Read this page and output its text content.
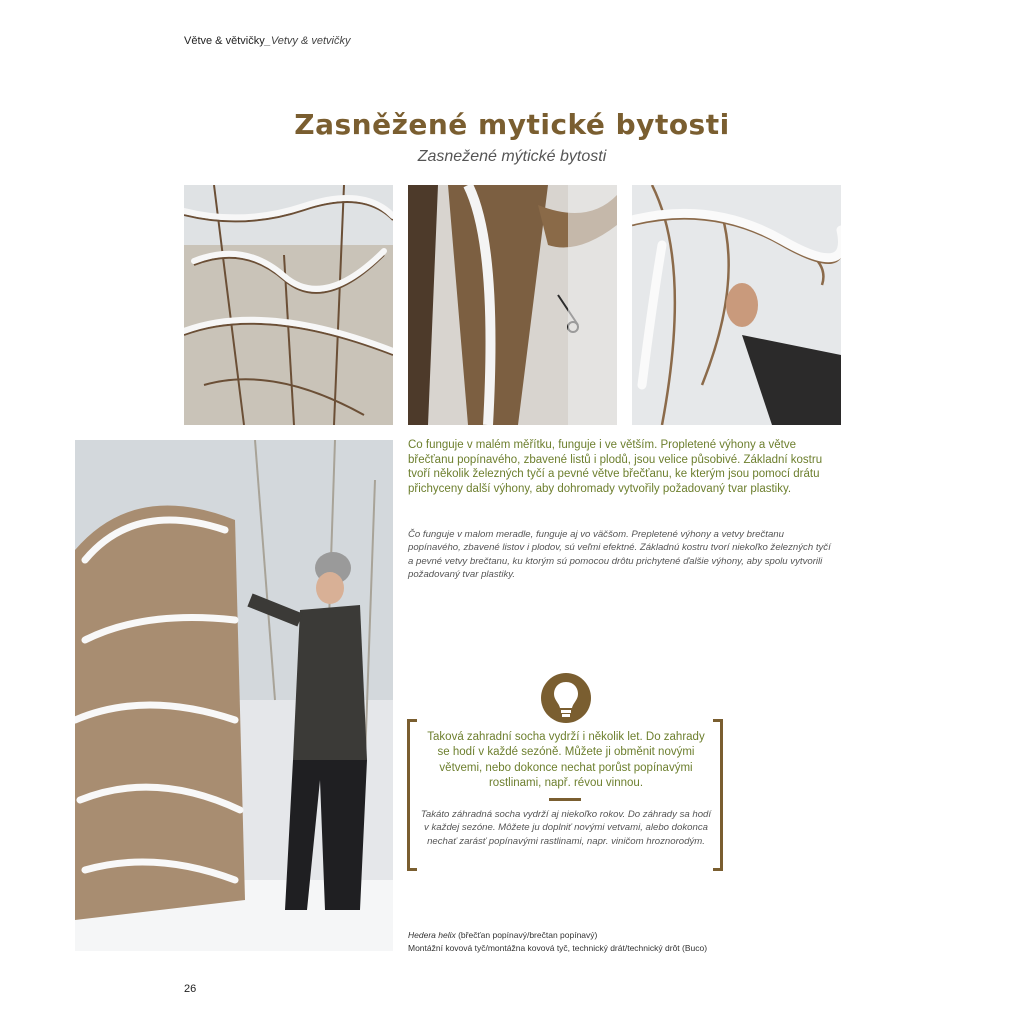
Větve & větvičky_Vetvy & vetvičky
Zasněžené mytické bytosti
Zasnežené mýtické bytosti
Co funguje v malém měřítku, funguje i ve větším. Propletené výhony a větve břečťanu popínavého, zbavené listů i plodů, jsou velice působivé. Základní kostru tvoří několik železných tyčí a pevné větve břečťanu, ke kterým jsou pomocí drátu přichyceny další výhony, aby dohromady vytvořily požadovaný tvar plastiky.
Čo funguje v malom meradle, funguje aj vo väčšom. Prepletené výhony a vetvy brečtanu popínavého, zbavené listov i plodov, sú veľmi efektné. Základnú kostru tvorí niekoľko železných tyčí a pevné vetvy brečtanu, ku ktorým sú pomocou drôtu prichytené ďalšie výhony, aby spolu vytvorili požadovaný tvar plastiky.
Taková zahradní socha vydrží i několik let. Do zahrady se hodí v každé sezóně. Můžete ji obměnit novými větvemi, nebo dokonce nechat porůst popínavými rostlinami, např. révou vinnou.
Takáto záhradná socha vydrží aj niekoľko rokov. Do záhrady sa hodí v každej sezóne. Môžete ju doplniť novými vetvami, alebo dokonca nechať zarásť popínavými rastlinami, napr. viničom hroznorodým.
Hedera helix (břečťan popínavý/brečtan popínavý)
Montážní kovová tyč/montážna kovová tyč, technický drát/technický drôt (Buco)
26
